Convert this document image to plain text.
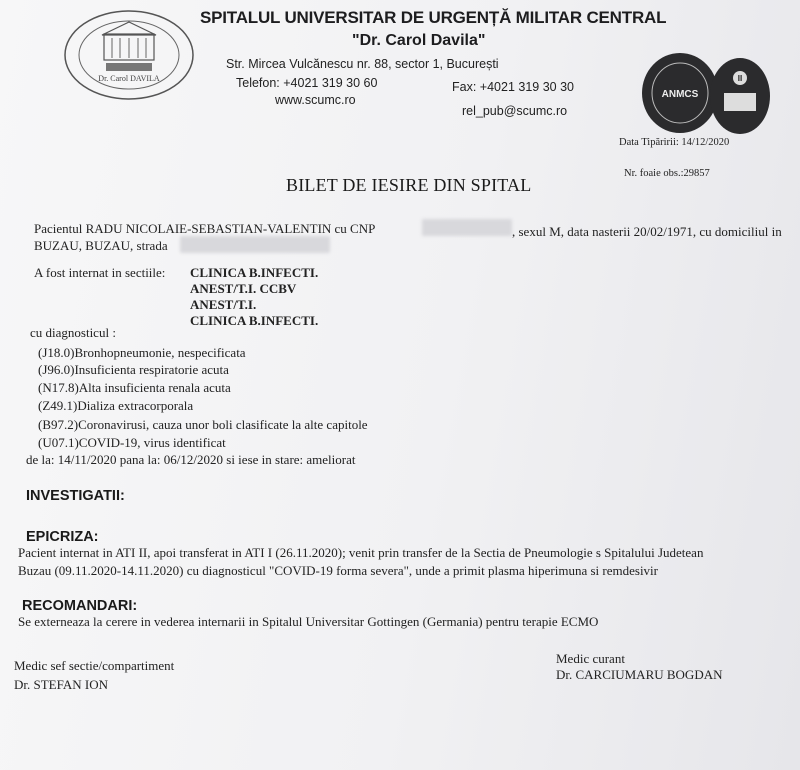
Dr. Carol DAVILA
SPITALUL UNIVERSITAR DE URGENȚĂ MILITAR CENTRAL
"Dr. Carol Davila"
Str. Mircea Vulcănescu nr. 88, sector 1, București
Telefon: +4021 319 30 60	Fax: +4021 319 30 30
www.scumc.ro
rel_pub@scumc.ro
ANMCS
II
Data Tipăririi: 14/12/2020
Nr. foaie obs.:29857
BILET DE IESIRE DIN SPITAL
Pacientul RADU NICOLAIE-SEBASTIAN-VALENTIN cu CNP	, sexul M, data nasterii 20/02/1971, cu domiciliul in
BUZAU, BUZAU, strada
A fost internat in sectiile: CLINICA B.INFECTI.
ANEST/T.I. CCBV
ANEST/T.I.
CLINICA B.INFECTI.
cu diagnosticul :
(J18.0)Bronhopneumonie, nespecificata
(J96.0)Insuficienta respiratorie acuta
(N17.8)Alta insuficienta renala acuta
(Z49.1)Dializa extracorporala
(B97.2)Coronavirusi, cauza unor boli clasificate la alte capitole
(U07.1)COVID-19, virus identificat
de la: 14/11/2020 pana la: 06/12/2020 si iese in stare: ameliorat
INVESTIGATII:
EPICRIZA:
Pacient internat in ATI II, apoi transferat in ATI I (26.11.2020); venit prin transfer de la Sectia de Pneumologie s Spitalului Judetean
Buzau (09.11.2020-14.11.2020) cu diagnosticul "COVID-19 forma severa", unde a primit plasma hiperimuna si remdesivir
RECOMANDARI:
Se externeaza la cerere in vederea internarii in Spitalul Universitar Gottingen (Germania) pentru terapie ECMO
Medic sef sectie/compartiment
Dr. STEFAN ION
Medic curant
Dr. CARCIUMARU BOGDAN
